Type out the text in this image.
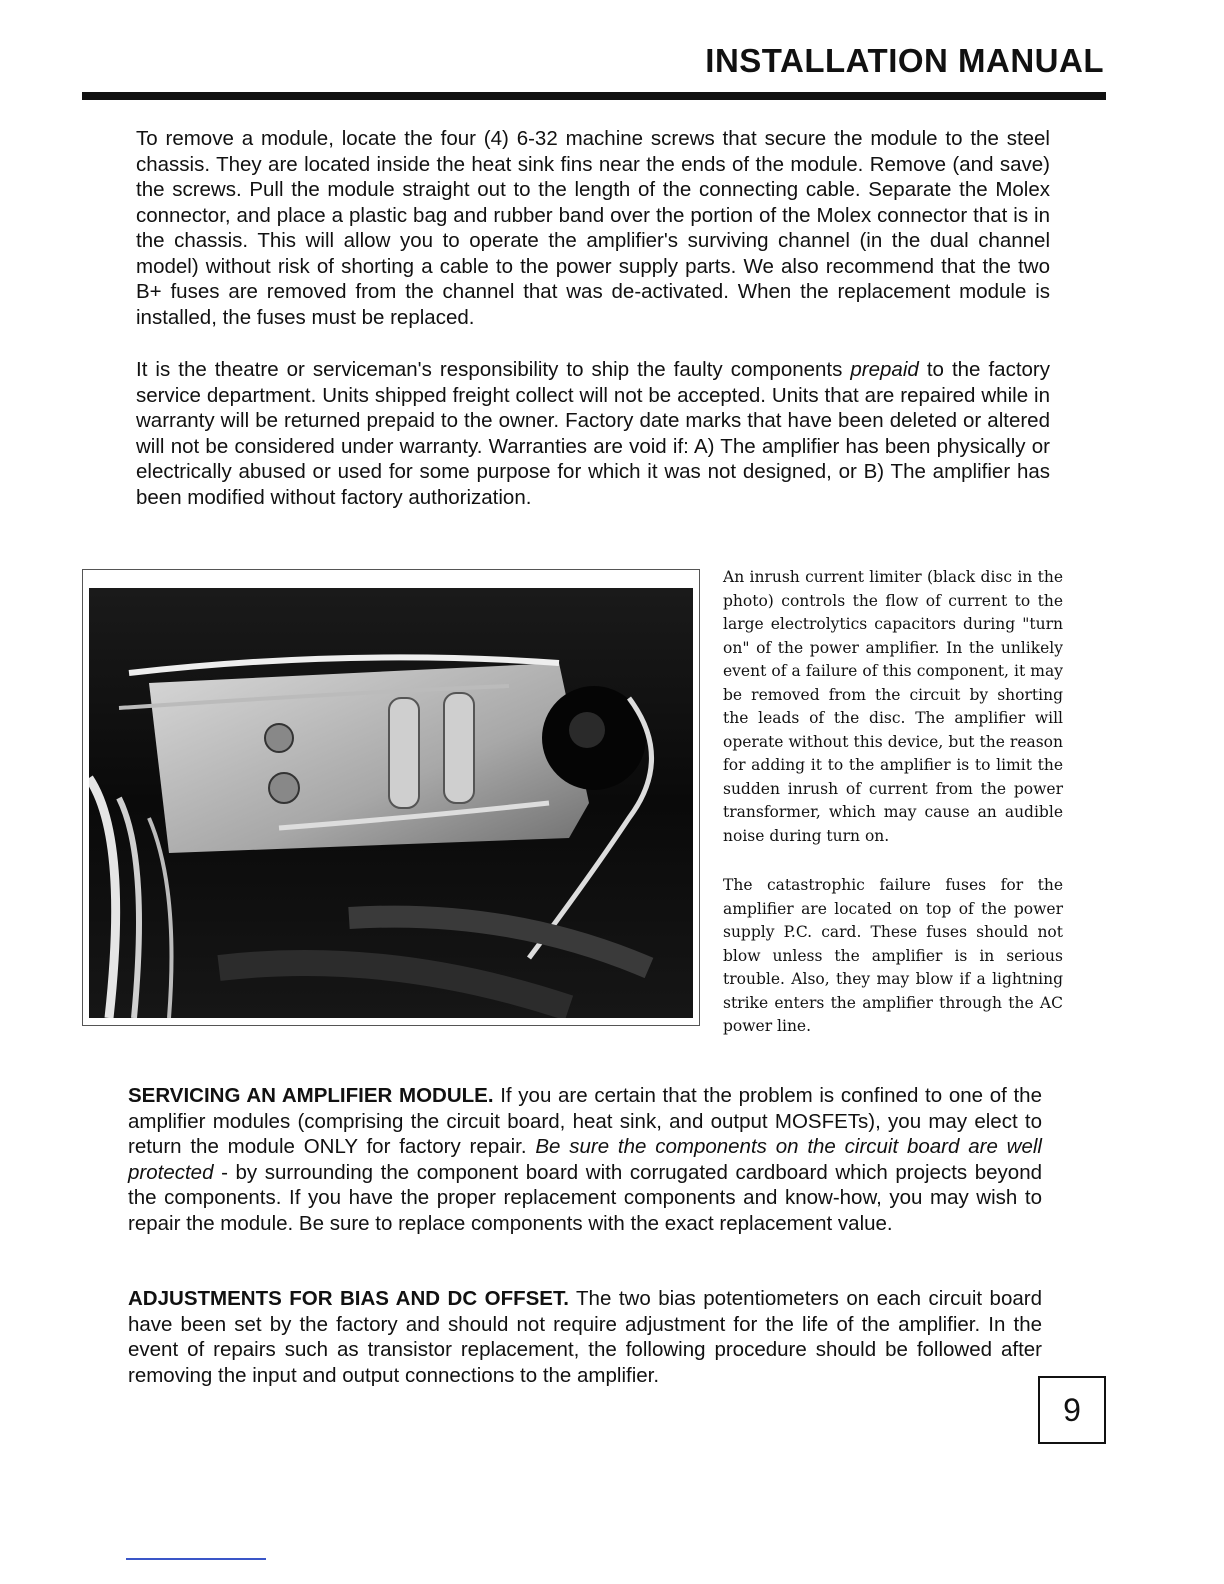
INSTALLATION MANUAL

To remove a module, locate the four (4) 6-32 machine screws that secure the module to the steel chassis. They are located inside the heat sink fins near the ends of the module. Remove (and save) the screws. Pull the module straight out to the length of the connecting cable. Separate the Molex connector, and place a plastic bag and rubber band over the portion of the Molex connector that is in the chassis. This will allow you to operate the amplifier's surviving channel (in the dual channel model) without risk of shorting a cable to the power supply parts. We also recommend that the two B+ fuses are removed from the channel that was de-activated. When the replacement module is installed, the fuses must be replaced.

It is the theatre or serviceman's responsibility to ship the faulty components prepaid to the factory service department. Units shipped freight collect will not be accepted. Units that are repaired while in warranty will be returned prepaid to the owner. Factory date marks that have been deleted or altered will not be considered under warranty. Warranties are void if: A) The amplifier has been physically or electrically abused or used for some purpose for which it was not designed, or B) The amplifier has been modified without factory authorization.

An inrush current limiter (black disc in the photo) controls the flow of current to the large electrolytics capacitors during "turn on" of the power amplifier. In the unlikely event of a failure of this component, it may be removed from the circuit by shorting the leads of the disc. The amplifier will operate without this device, but the reason for adding it to the amplifier is to limit the sudden inrush of current from the power transformer, which may cause an audible noise during turn on.

The catastrophic failure fuses for the amplifier are located on top of the power supply P.C. card. These fuses should not blow unless the amplifier is in serious trouble. Also, they may blow if a lightning strike enters the amplifier through the AC power line.

SERVICING AN AMPLIFIER MODULE. If you are certain that the problem is confined to one of the amplifier modules (comprising the circuit board, heat sink, and output MOSFETs), you may elect to return the module ONLY for factory repair. Be sure the components on the circuit board are well protected - by surrounding the component board with corrugated cardboard which projects beyond the components. If you have the proper replacement components and know-how, you may wish to repair the module. Be sure to replace components with the exact replacement value.

ADJUSTMENTS FOR BIAS AND DC OFFSET. The two bias potentiometers on each circuit board have been set by the factory and should not require adjustment for the life of the amplifier. In the event of repairs such as transistor replacement, the following procedure should be followed after removing the input and output connections to the amplifier.

9
